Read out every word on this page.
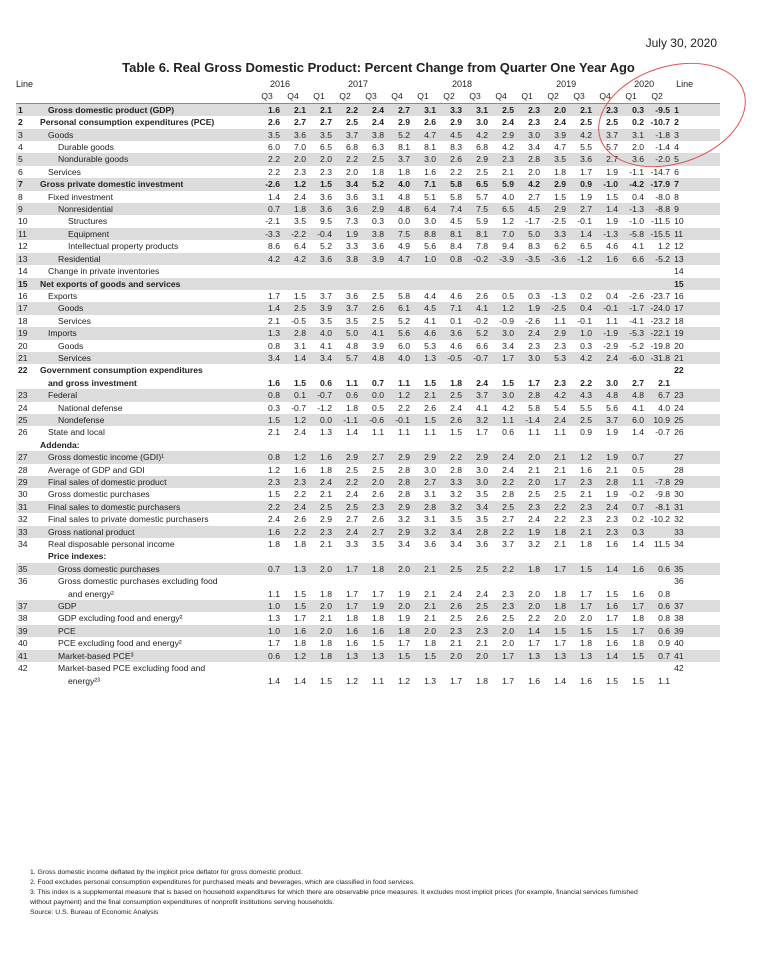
July 30, 2020
Table 6. Real Gross Domestic Product: Percent Change from Quarter One Year Ago
Line		2016		2017				2018				2019				2020		Line
		Q3	Q4	Q1	Q2	Q3	Q4	Q1	Q2	Q3	Q4	Q1	Q2	Q3	Q4	Q1	Q2	
1	Gross domestic product (GDP)	1.6	2.1	2.1	2.2	2.4	2.7	3.1	3.3	3.1	2.5	2.3	2.0	2.1	2.3	0.3	-9.5	1
2	Personal consumption expenditures (PCE)	2.6	2.7	2.7	2.5	2.4	2.9	2.6	2.9	3.0	2.4	2.3	2.4	2.5	2.5	0.2	-10.7	2
3	Goods	3.5	3.6	3.5	3.7	3.8	5.2	4.7	4.5	4.2	2.9	3.0	3.9	4.2	3.7	3.1	-1.8	3
4	Durable goods	6.0	7.0	6.5	6.8	6.3	8.1	8.1	8.3	6.8	4.2	3.4	4.7	5.5	5.7	2.0	-1.4	4
5	Nondurable goods	2.2	2.0	2.0	2.2	2.5	3.7	3.0	2.6	2.9	2.3	2.8	3.5	3.6	2.7	3.6	-2.0	5
6	Services	2.2	2.3	2.3	2.0	1.8	1.8	1.6	2.2	2.5	2.1	2.0	1.8	1.7	1.9	-1.1	-14.7	6
7	Gross private domestic investment	-2.6	1.2	1.5	3.4	5.2	4.0	7.1	5.8	6.5	5.9	4.2	2.9	0.9	-1.0	-4.2	-17.9	7
8	Fixed investment	1.4	2.4	3.6	3.6	3.1	4.8	5.1	5.8	5.7	4.0	2.7	1.5	1.9	1.5	0.4	-8.0	8
9	Nonresidential	0.7	1.8	3.6	3.6	2.9	4.8	6.4	7.4	7.5	6.5	4.5	2.9	2.7	1.4	-1.3	-8.8	9
10	Structures	-2.1	3.5	9.5	7.3	0.3	0.0	3.0	4.5	5.9	1.2	-1.7	-2.5	-0.1	1.9	-1.0	-11.5	10
11	Equipment	-3.3	-2.2	-0.4	1.9	3.8	7.5	8.8	8.1	8.1	7.0	5.0	3.3	1.4	-1.3	-5.8	-15.5	11
12	Intellectual property products	8.6	6.4	5.2	3.3	3.6	4.9	5.6	8.4	7.8	9.4	8.3	6.2	6.5	4.6	4.1	1.2	12
13	Residential	4.2	4.2	3.6	3.8	3.9	4.7	1.0	0.8	-0.2	-3.9	-3.5	-3.6	-1.2	1.6	6.6	-5.2	13
14	Change in private inventories																	14
15	Net exports of goods and services																	15
16	Exports	1.7	1.5	3.7	3.6	2.5	5.8	4.4	4.6	2.6	0.5	0.3	-1.3	0.2	0.4	-2.6	-23.7	16
17	Goods	1.4	2.5	3.9	3.7	2.6	6.1	4.5	7.1	4.1	1.2	1.9	-2.5	0.4	-0.1	-1.7	-24.0	17
18	Services	2.1	-0.5	3.5	3.5	2.5	5.2	4.1	0.1	-0.2	-0.9	-2.6	1.1	-0.1	1.1	-4.1	-23.2	18
19	Imports	1.3	2.8	4.0	5.0	4.1	5.6	4.6	3.6	5.2	3.0	2.4	2.9	1.0	-1.9	-5.3	-22.1	19
20	Goods	0.8	3.1	4.1	4.8	3.9	6.0	5.3	4.6	6.6	3.4	2.3	2.3	0.3	-2.9	-5.2	-19.8	20
21	Services	3.4	1.4	3.4	5.7	4.8	4.0	1.3	-0.5	-0.7	1.7	3.0	5.3	4.2	2.4	-6.0	-31.8	21
22	Government consumption expenditures																	22
	and gross investment	1.6	1.5	0.6	1.1	0.7	1.1	1.5	1.8	2.4	1.5	1.7	2.3	2.2	3.0	2.7	2.1	
23	Federal	0.8	0.1	-0.7	0.6	0.0	1.2	2.1	2.5	3.7	3.0	2.8	4.2	4.3	4.8	4.8	6.7	23
24	National defense	0.3	-0.7	-1.2	1.8	0.5	2.2	2.6	2.4	4.1	4.2	5.8	5.4	5.5	5.6	4.1	4.0	24
25	Nondefense	1.5	1.2	0.0	-1.1	-0.6	-0.1	1.5	2.6	3.2	1.1	-1.4	2.4	2.5	3.7	6.0	10.9	25
26	State and local	2.1	2.4	1.3	1.4	1.1	1.1	1.1	1.5	1.7	0.6	1.1	1.1	0.9	1.9	1.4	-0.7	26
	Addenda:																	
27	Gross domestic income (GDI)¹	0.8	1.2	1.6	2.9	2.7	2.9	2.9	2.2	2.9	2.4	2.0	2.1	1.2	1.9	0.7		27
28	Average of GDP and GDI	1.2	1.6	1.8	2.5	2.5	2.8	3.0	2.8	3.0	2.4	2.1	2.1	1.6	2.1	0.5		28
29	Final sales of domestic product	2.3	2.3	2.4	2.2	2.0	2.8	2.7	3.3	3.0	2.2	2.0	1.7	2.3	2.8	1.1	-7.8	29
30	Gross domestic purchases	1.5	2.2	2.1	2.4	2.6	2.8	3.1	3.2	3.5	2.8	2.5	2.5	2.1	1.9	-0.2	-9.8	30
31	Final sales to domestic purchasers	2.2	2.4	2.5	2.5	2.3	2.9	2.8	3.2	3.4	2.5	2.3	2.2	2.3	2.4	0.7	-8.1	31
32	Final sales to private domestic purchasers	2.4	2.6	2.9	2.7	2.6	3.2	3.1	3.5	3.5	2.7	2.4	2.2	2.3	2.3	0.2	-10.2	32
33	Gross national product	1.6	2.2	2.3	2.4	2.7	2.9	3.2	3.4	2.8	2.2	1.9	1.8	2.1	2.3	0.3		33
34	Real disposable personal income	1.8	1.8	2.1	3.3	3.5	3.4	3.6	3.4	3.6	3.7	3.2	2.1	1.8	1.6	1.4	11.5	34
	Price indexes:																	
35	Gross domestic purchases	0.7	1.3	2.0	1.7	1.8	2.0	2.1	2.5	2.5	2.2	1.8	1.7	1.5	1.4	1.6	0.6	35
36	Gross domestic purchases excluding food																	36
	and energy²	1.1	1.5	1.8	1.7	1.7	1.9	2.1	2.4	2.4	2.3	2.0	1.8	1.7	1.5	1.6	0.8	
37	GDP	1.0	1.5	2.0	1.7	1.9	2.0	2.1	2.6	2.5	2.3	2.0	1.8	1.7	1.6	1.7	0.6	37
38	GDP excluding food and energy²	1.3	1.7	2.1	1.8	1.8	1.9	2.1	2.5	2.6	2.5	2.2	2.0	2.0	1.7	1.8	0.8	38
39	PCE	1.0	1.6	2.0	1.6	1.6	1.8	2.0	2.3	2.3	2.0	1.4	1.5	1.5	1.5	1.7	0.6	39
40	PCE excluding food and energy²	1.7	1.8	1.8	1.6	1.5	1.7	1.8	2.1	2.1	2.0	1.7	1.7	1.8	1.6	1.8	0.9	40
41	Market-based PCE³	0.6	1.2	1.8	1.3	1.3	1.5	1.5	2.0	2.0	1.7	1.3	1.3	1.3	1.4	1.5	0.7	41
42	Market-based PCE excluding food and																	42
	energy²³	1.4	1.4	1.5	1.2	1.1	1.2	1.3	1.7	1.8	1.7	1.6	1.4	1.6	1.5	1.5	1.1	
1. Gross domestic income deflated by the implicit price deflator for gross domestic product.
2. Food excludes personal consumption expenditures for purchased meals and beverages, which are classified in food services.
3. This index is a supplemental measure that is based on household expenditures for which there are observable price measures. It excludes most implicit prices (for example, financial services furnished
without payment) and the final consumption expenditures of nonprofit institutions serving households.
Source: U.S. Bureau of Economic Analysis
